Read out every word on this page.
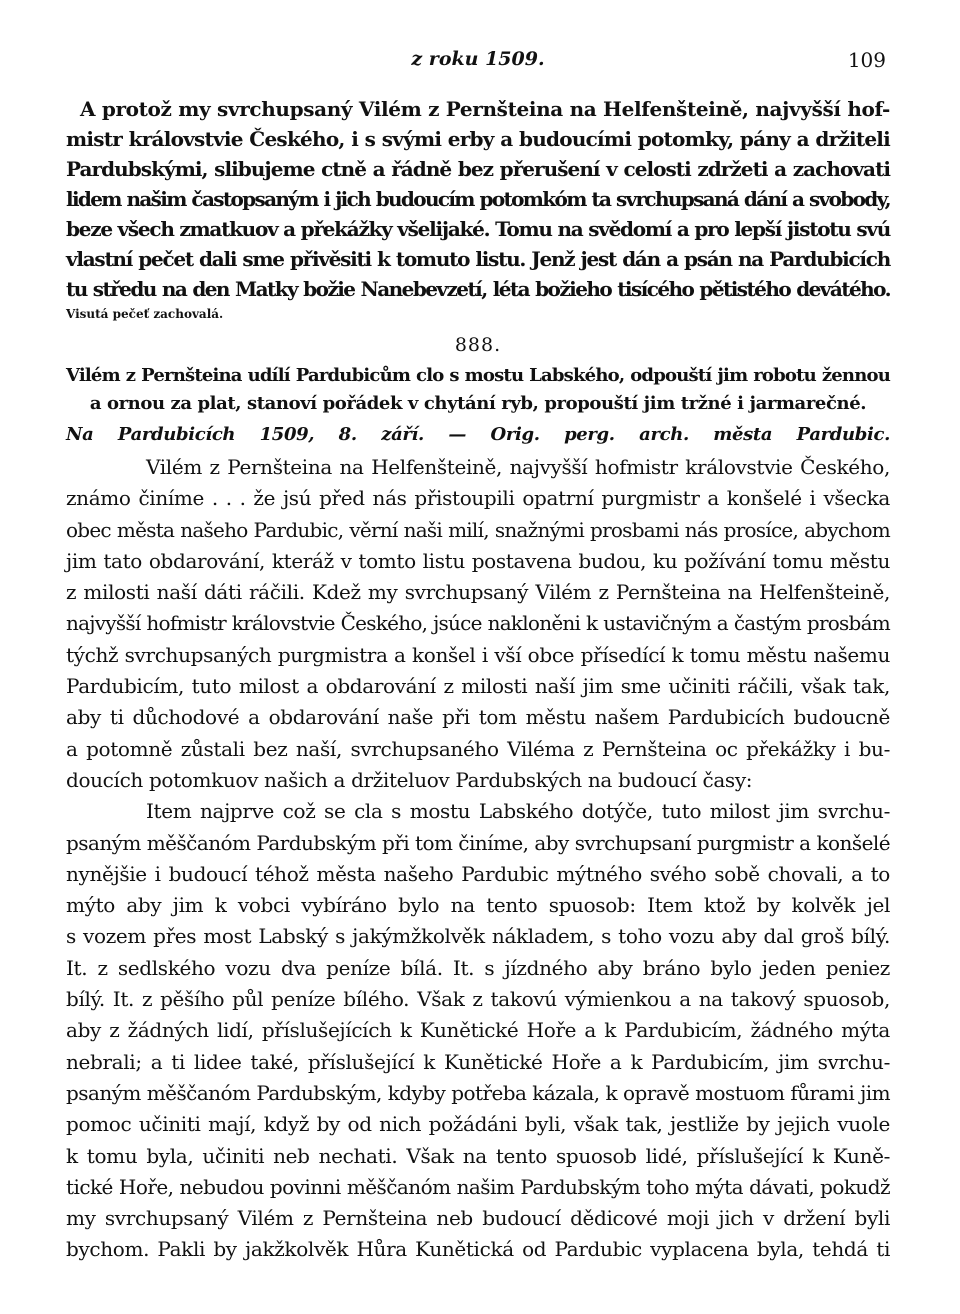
z roku 1509.	109
A protož my svrchupsaný Vilém z Pernšteina na Helfenšteině, najvyšší hof-
mistr královstvie Českého, i s svými erby a budoucími potomky, pány a držiteli
Pardubskými, slibujeme ctně a řádně bez přerušení v celosti zdržeti a zachovati
lidem našim častopsaným i jich budoucím potomkóm ta svrchupsaná dání a svobody,
beze všech zmatkuov a překážky všelijaké. Tomu na svědomí a pro lepší jistotu svú
vlastní pečet dali sme přivěsiti k tomuto listu. Jenž jest dán a psán na Pardubicích
tu středu na den Matky božie Nanebevzetí, léta božieho tisícého pětistého devátého.
Visutá pečeť zachovalá.
888.
Vilém z Pernšteina udílí Pardubicům clo s mostu Labského, odpouští jim robotu žennou
a ornou za plat, stanoví pořádek v chytání ryb, propouští jim tržné i jarmarečné.
Na Pardubicích 1509, 8. září. — Orig. perg. arch. města Pardubic.
Vilém z Pernšteina na Helfenšteině, najvyšší hofmistr královstvie Českého,
známo činíme . . . že jsú před nás přistoupili opatrní purgmistr a konšelé i všecka
obec města našeho Pardubic, věrní naši milí, snažnými prosbami nás prosíce, abychom
jim tato obdarování, kteráž v tomto listu postavena budou, ku požívání tomu městu
z milosti naší dáti ráčili. Kdež my svrchupsaný Vilém z Pernšteina na Helfenšteině,
najvyšší hofmistr královstvie Českého, jsúce nakloněni k ustavičným a častým prosbám
týchž svrchupsaných purgmistra a konšel i vší obce přísedící k tomu městu našemu
Pardubicím, tuto milost a obdarování z milosti naší jim sme učiniti ráčili, však tak,
aby ti důchodové a obdarování naše při tom městu našem Pardubicích budoucně
a potomně zůstali bez naší, svrchupsaného Viléma z Pernšteina oc překážky i bu-
doucích potomkuov našich a držiteluov Pardubských na budoucí časy:
Item najprve což se cla s mostu Labského dotýče, tuto milost jim svrchu-
psaným měščanóm Pardubským při tom činíme, aby svrchupsaní purgmistr a konšelé
nynějšie i budoucí téhož města našeho Pardubic mýtného svého sobě chovali, a to
mýto aby jim k vobci vybíráno bylo na tento spuosob: Item ktož by kolvěk jel
s vozem přes most Labský s jakýmžkolvěk nákladem, s toho vozu aby dal groš bílý.
It. z sedlského vozu dva peníze bílá. It. s jízdného aby bráno bylo jeden peniez
bílý. It. z pěšího půl peníze bílého. Však z takovú výmienkou a na takový spuosob,
aby z žádných lidí, příslušejících k Kunětické Hoře a k Pardubicím, žádného mýta
nebrali; a ti lidee také, příslušející k Kunětické Hoře a k Pardubicím, jim svrchu-
psaným měščanóm Pardubským, kdyby potřeba kázala, k opravě mostuom fůrami jim
pomoc učiniti mají, když by od nich požádáni byli, však tak, jestliže by jejich vuole
k tomu byla, učiniti neb nechati. Však na tento spuosob lidé, příslušející k Kuně-
tické Hoře, nebudou povinni měščanóm našim Pardubským toho mýta dávati, pokudž
my svrchupsaný Vilém z Pernšteina neb budoucí dědicové moji jich v držení byli
bychom. Pakli by jakžkolvěk Hůra Kunětická od Pardubic vyplacena byla, tehdá ti
